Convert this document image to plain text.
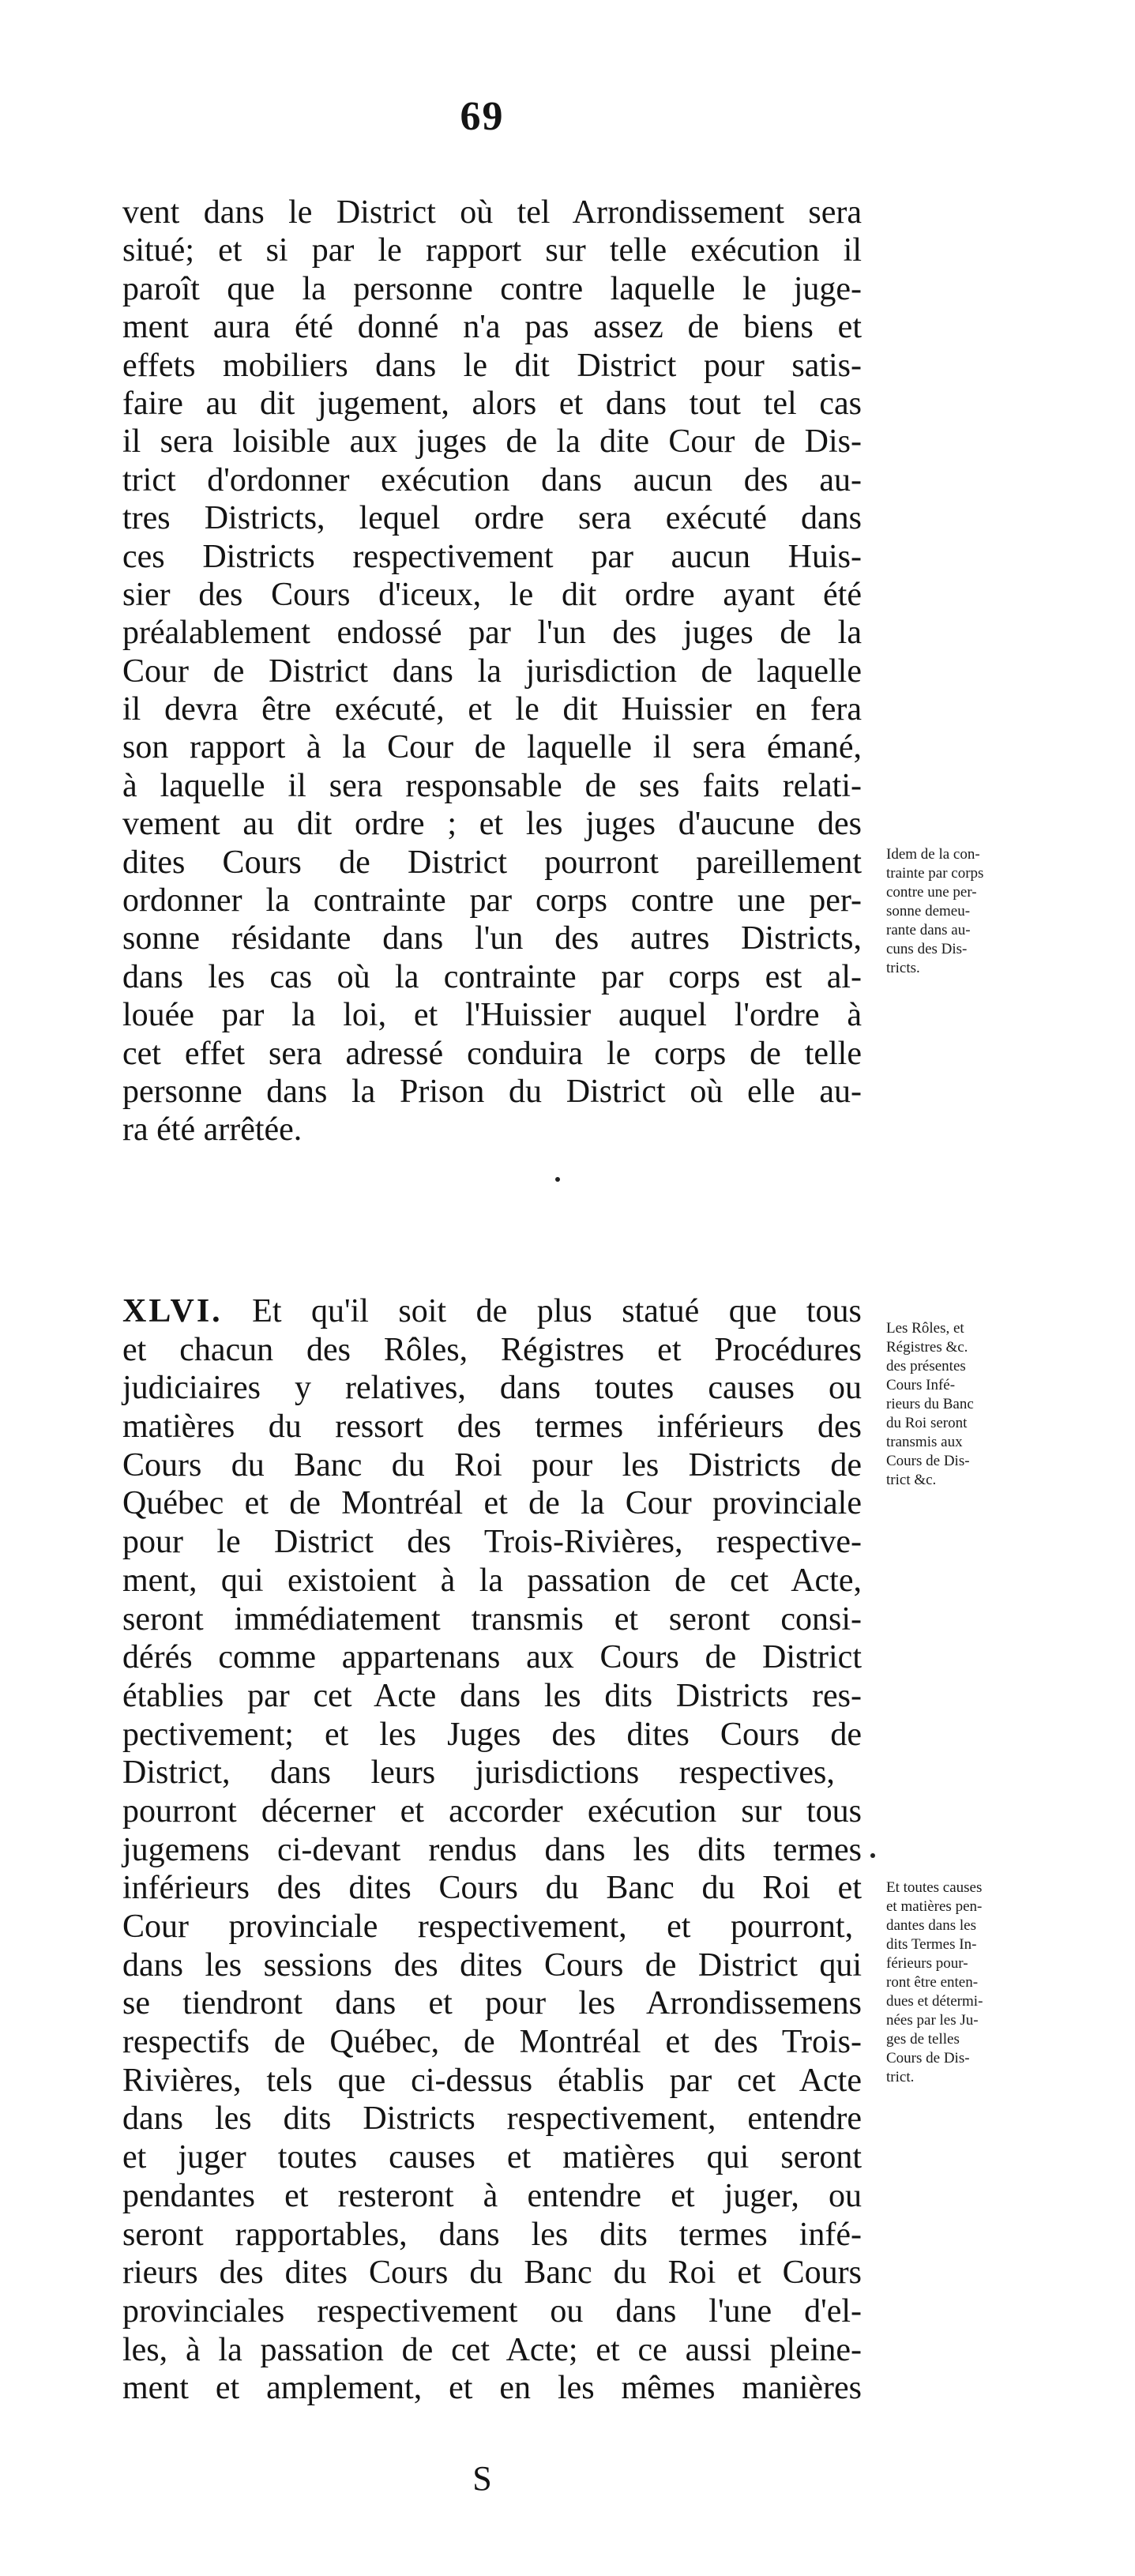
69
vent dans le District où tel Arrondissement sera
situé; et si par le rapport sur telle exécution il
paroît que la personne contre laquelle le juge-
ment aura été donné n'a pas assez de biens et
effets mobiliers dans le dit District pour satis-
faire au dit jugement, alors et dans tout tel cas
il sera loisible aux juges de la dite Cour de Dis-
trict d'ordonner exécution dans aucun des au-
tres Districts, lequel ordre sera exécuté dans
ces Districts respectivement par aucun Huis-
sier des Cours d'iceux, le dit ordre ayant été
préalablement endossé par l'un des juges de la
Cour de District dans la jurisdiction de laquelle
il devra être exécuté, et le dit Huissier en fera
son rapport à la Cour de laquelle il sera émané,
à laquelle il sera responsable de ses faits relati-
vement au dit ordre ; et les juges d'aucune des
dites Cours de District pourront pareillement
ordonner la contrainte par corps contre une per-
sonne résidante dans l'un des autres Districts,
dans les cas où la contrainte par corps est al-
louée par la loi, et l'Huissier auquel l'ordre à
cet effet sera adressé conduira le corps de telle
personne dans la Prison du District où elle au-
ra été arrêtée.
Idem de la con-
trainte par corps
contre une per-
sonne demeu-
rante dans au-
cuns des Dis-
tricts.
XLVI. Et qu'il soit de plus statué que tous
et chacun des Rôles, Régistres et Procédures
judiciaires y relatives, dans toutes causes ou
matières du ressort des termes inférieurs des
Cours du Banc du Roi pour les Districts de
Québec et de Montréal et de la Cour provinciale
pour le District des Trois-Rivières, respective-
ment, qui existoient à la passation de cet Acte,
seront immédiatement transmis et seront consi-
dérés comme appartenans aux Cours de District
établies par cet Acte dans les dits Districts res-
pectivement; et les Juges des dites Cours de
District, dans leurs jurisdictions respectives,
pourront décerner et accorder exécution sur tous
jugemens ci-devant rendus dans les dits termes
inférieurs des dites Cours du Banc du Roi et
Cour provinciale respectivement, et pourront,
dans les sessions des dites Cours de District qui
se tiendront dans et pour les Arrondissemens
respectifs de Québec, de Montréal et des Trois-
Rivières, tels que ci-dessus établis par cet Acte
dans les dits Districts respectivement, entendre
et juger toutes causes et matières qui seront
pendantes et resteront à entendre et juger, ou
seront rapportables, dans les dits termes infé-
rieurs des dites Cours du Banc du Roi et Cours
provinciales respectivement ou dans l'une d'el-
les, à la passation de cet Acte; et ce aussi pleine-
ment et amplement, et en les mêmes manières
Les Rôles, et
Régistres &c.
des présentes
Cours Infé-
rieurs du Banc
du Roi seront
transmis aux
Cours de Dis-
trict &c.
Et toutes causes
et matières pen-
dantes dans les
dits Termes In-
férieurs pour-
ront être enten-
dues et détermi-
nées par les Ju-
ges de telles
Cours de Dis-
trict.
S
